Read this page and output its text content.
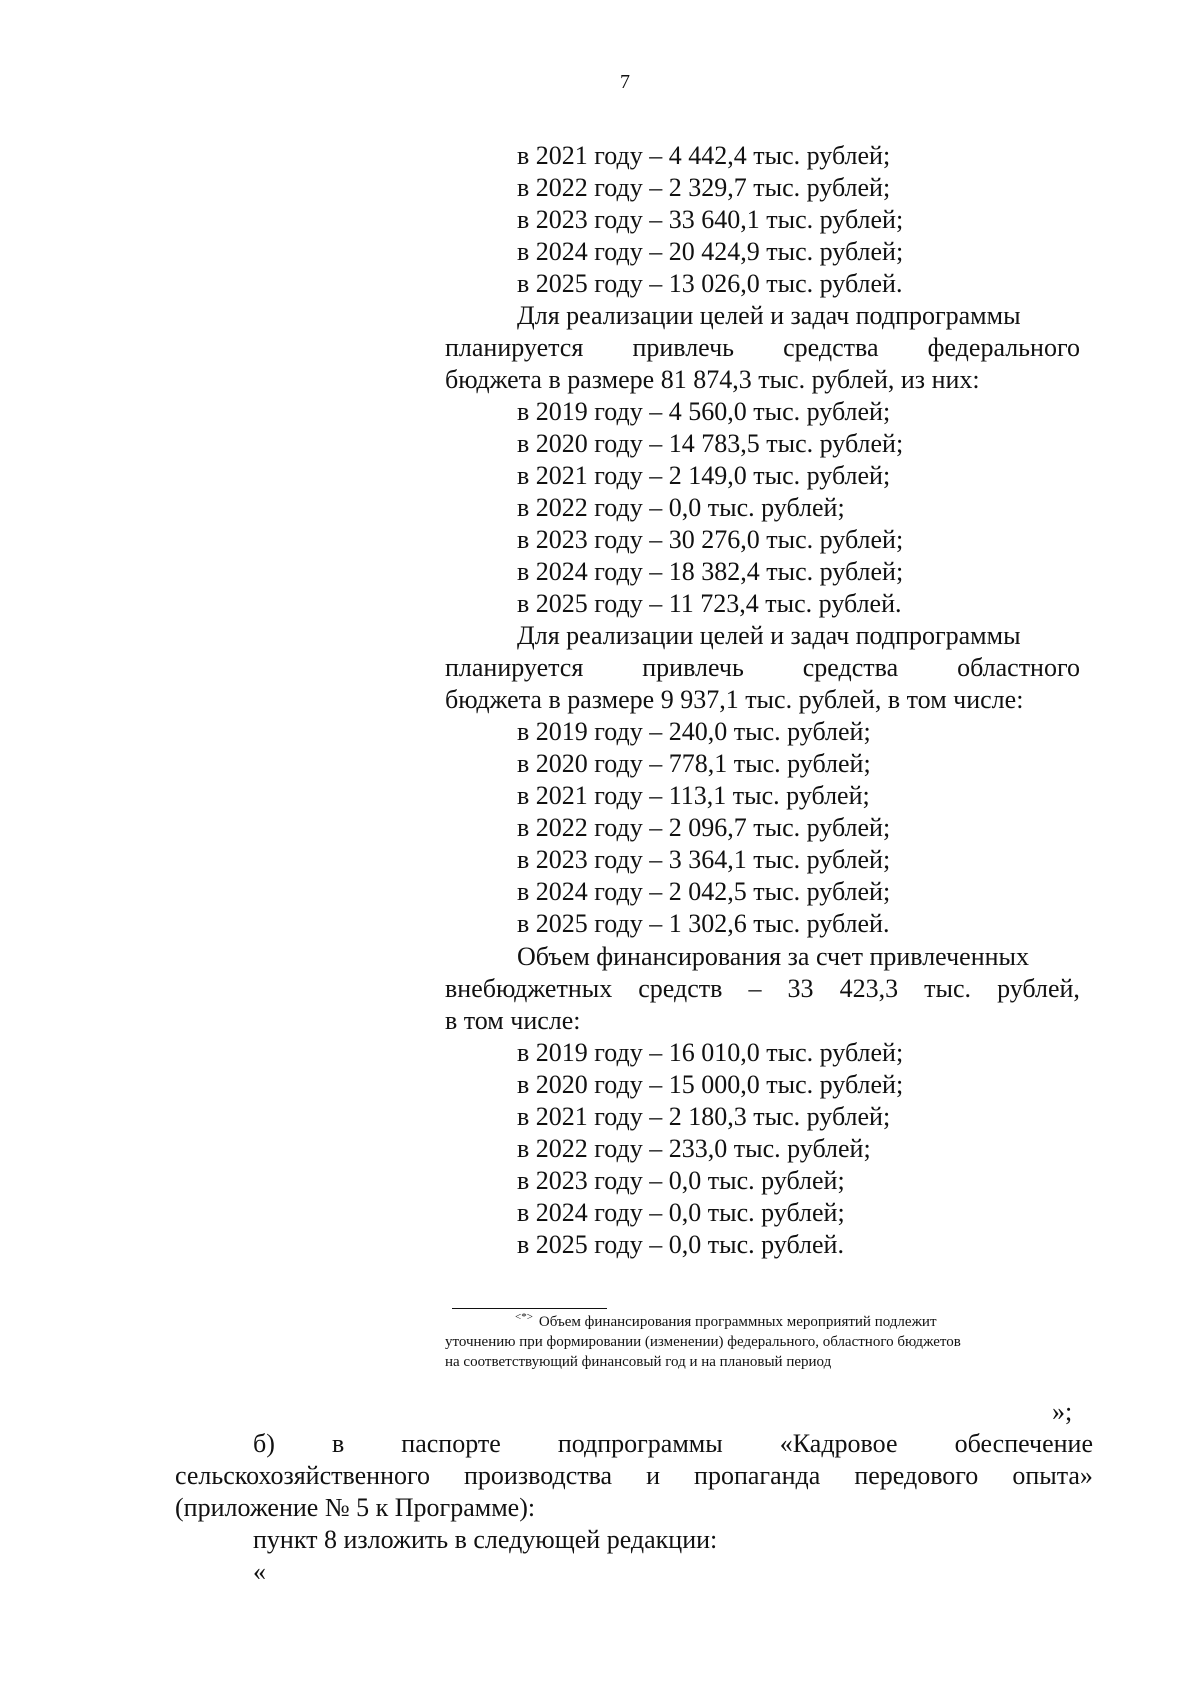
7
в 2021 году – 4 442,4 тыс. рублей;
в 2022 году – 2 329,7 тыс. рублей;
в 2023 году – 33 640,1 тыс. рублей;
в 2024 году – 20 424,9 тыс. рублей;
в 2025 году – 13 026,0 тыс. рублей.
Для реализации целей и задач подпрограммы
планируется привлечь средства федерального
бюджета в размере 81 874,3 тыс. рублей, из них:
в 2019 году – 4 560,0 тыс. рублей;
в 2020 году – 14 783,5 тыс. рублей;
в 2021 году – 2 149,0 тыс. рублей;
в 2022 году – 0,0 тыс. рублей;
в 2023 году – 30 276,0 тыс. рублей;
в 2024 году – 18 382,4 тыс. рублей;
в 2025 году – 11 723,4 тыс. рублей.
Для реализации целей и задач подпрограммы
планируется привлечь средства областного
бюджета в размере 9 937,1 тыс. рублей, в том числе:
в 2019 году – 240,0 тыс. рублей;
в 2020 году – 778,1 тыс. рублей;
в 2021 году – 113,1 тыс. рублей;
в 2022 году – 2 096,7 тыс. рублей;
в 2023 году – 3 364,1 тыс. рублей;
в 2024 году – 2 042,5 тыс. рублей;
в 2025 году – 1 302,6 тыс. рублей.
Объем финансирования за счет привлеченных
внебюджетных средств – 33 423,3 тыс. рублей,
в том числе:
в 2019 году – 16 010,0 тыс. рублей;
в 2020 году – 15 000,0 тыс. рублей;
в 2021 году – 2 180,3 тыс. рублей;
в 2022 году – 233,0 тыс. рублей;
в 2023 году – 0,0 тыс. рублей;
в 2024 году – 0,0 тыс. рублей;
в 2025 году – 0,0 тыс. рублей.
<*> Объем финансирования программных мероприятий подлежит
уточнению при формировании (изменении) федерального, областного бюджетов
на соответствующий финансовый год и на плановый период
»;
б) в паспорте подпрограммы «Кадровое обеспечение
сельскохозяйственного производства и пропаганда передового опыта»
(приложение № 5 к Программе):
пункт 8 изложить в следующей редакции:
«
